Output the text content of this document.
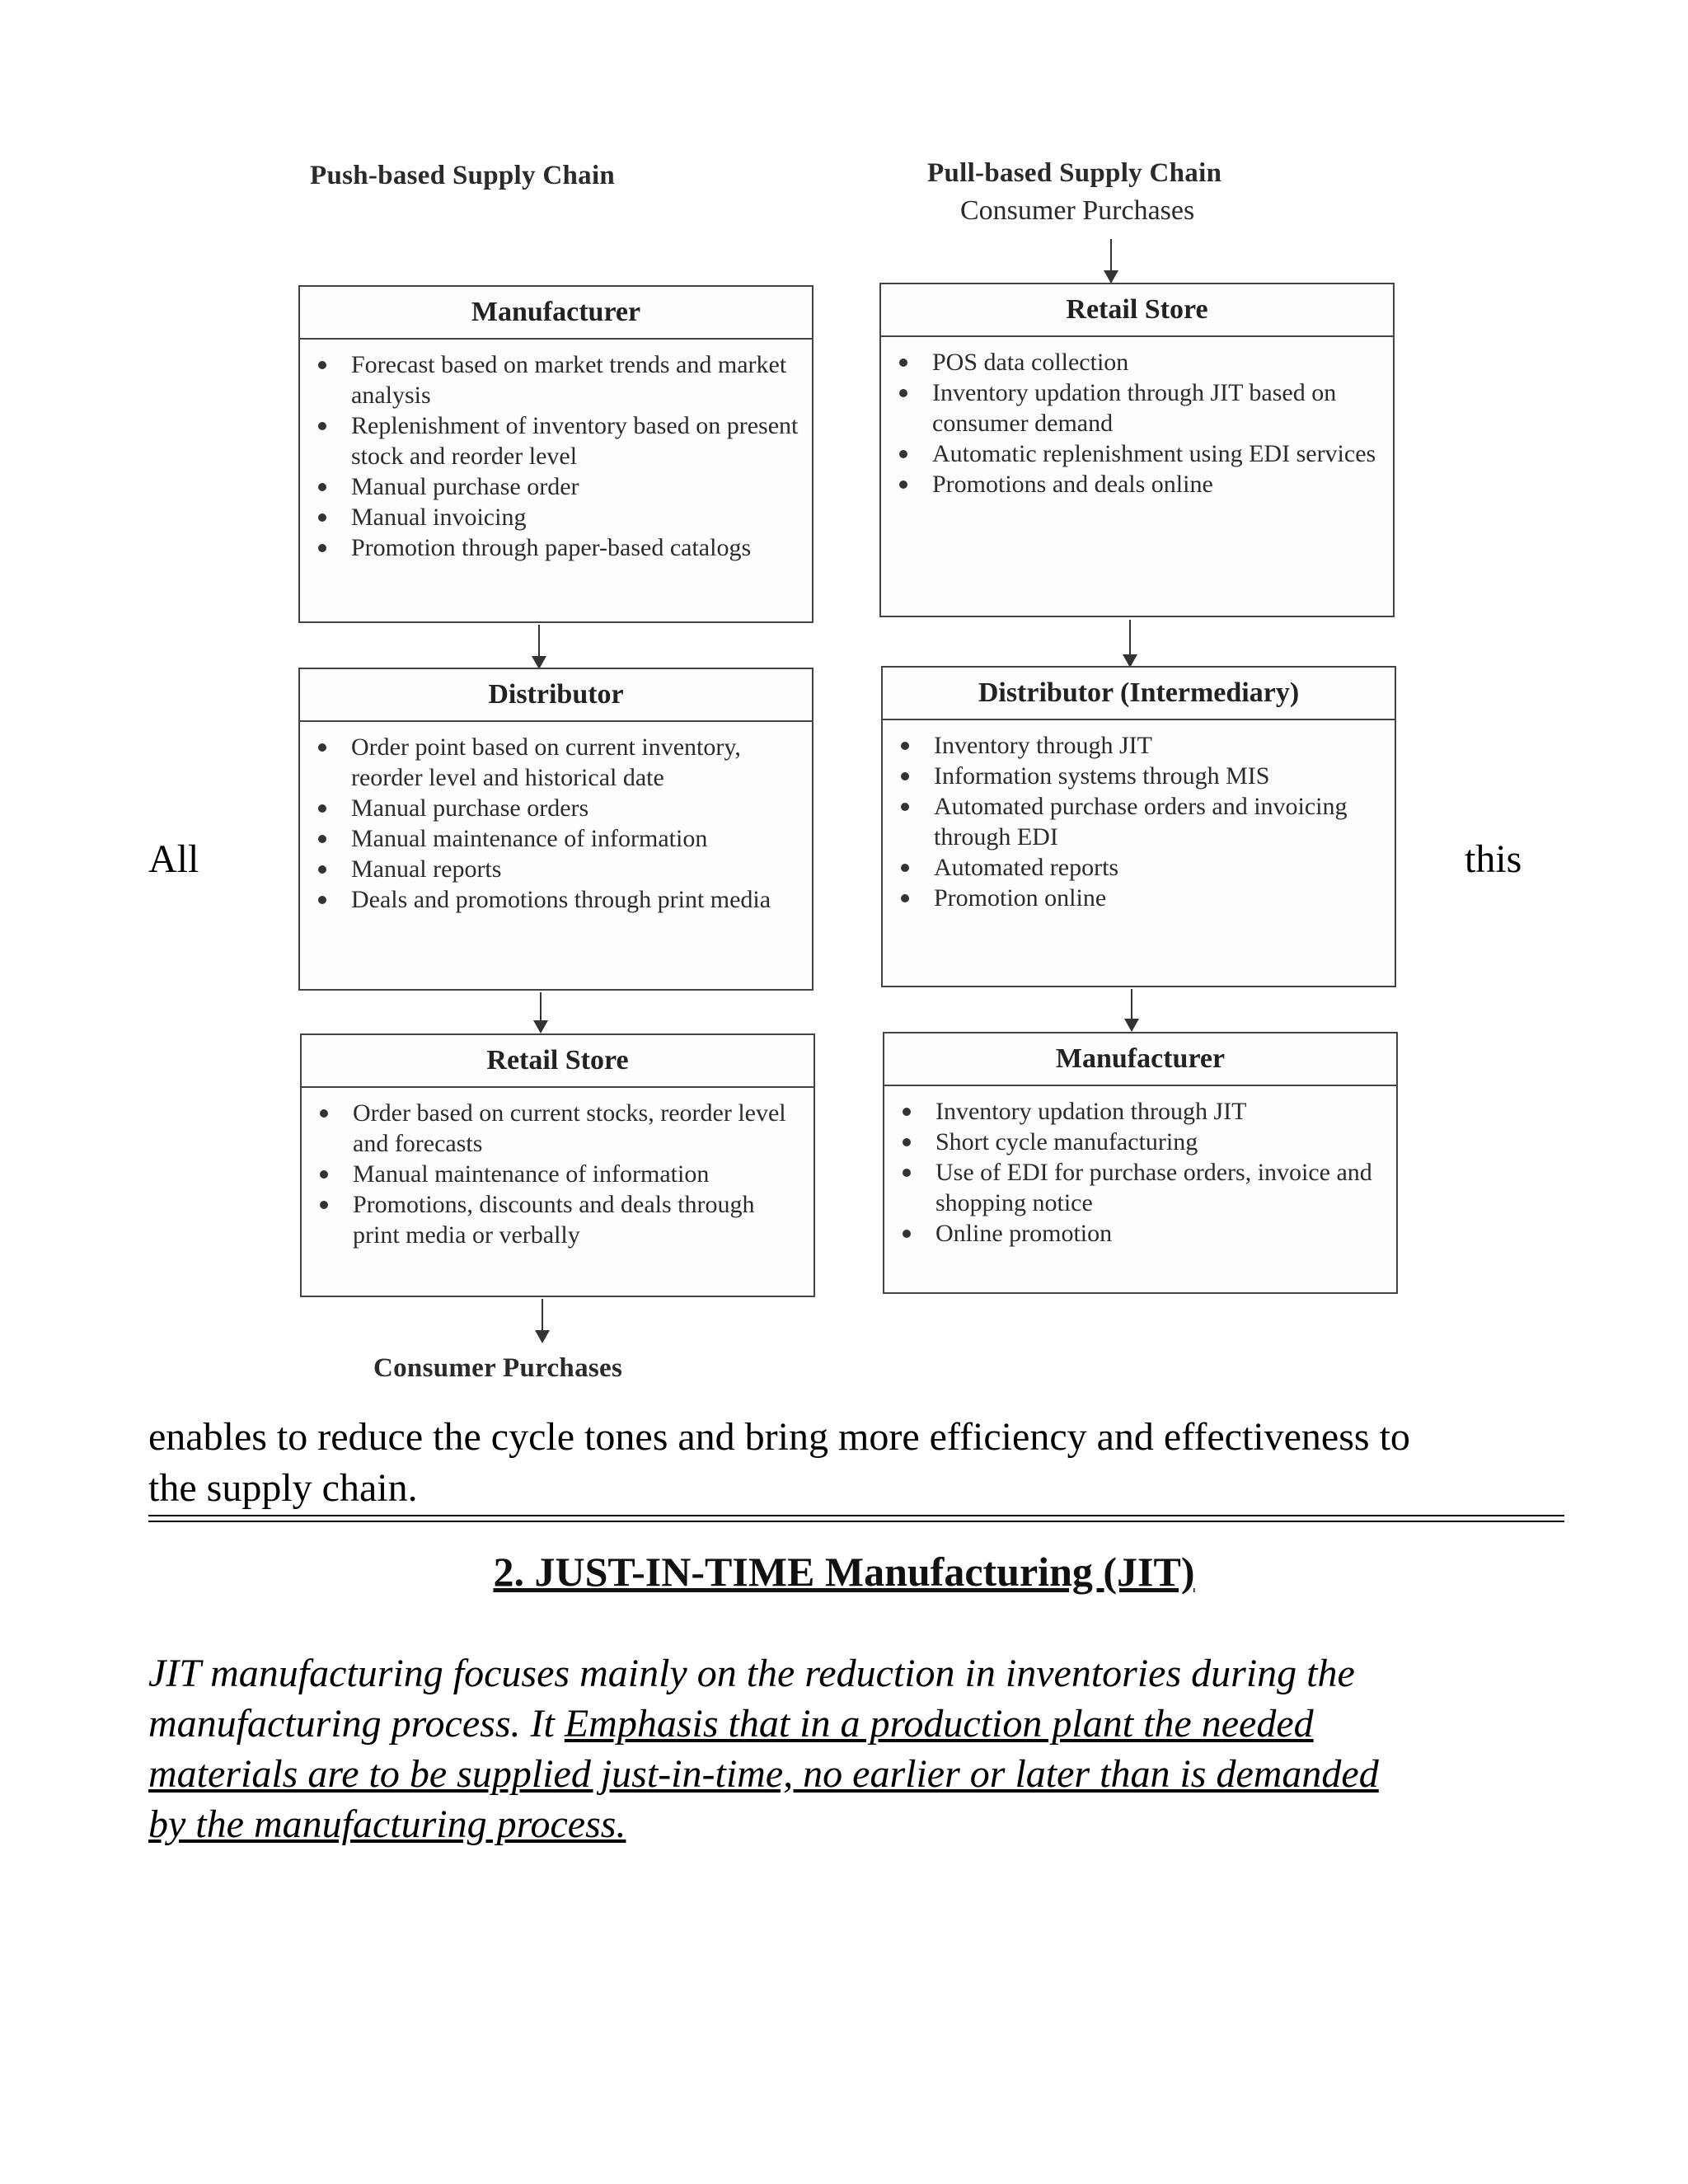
Push-based Supply Chain	Pull-based Supply Chain
Consumer Purchases
Manufacturer
Forecast based on market trends and market analysis
Replenishment of inventory based on present stock and reorder level
Manual purchase order
Manual invoicing
Promotion through paper-based catalogs
Distributor
Order point based on current inventory, reorder level and historical date
Manual purchase orders
Manual maintenance of information
Manual reports
Deals and promotions through print media
Retail Store
Order based on current stocks, reorder level and forecasts
Manual maintenance of information
Promotions, discounts and deals through print media or verbally
Consumer Purchases
Retail Store
POS data collection
Inventory updation through JIT based on consumer demand
Automatic replenishment using EDI services
Promotions and deals online
Distributor (Intermediary)
Inventory through JIT
Information systems through MIS
Automated purchase orders and invoicing through EDI
Automated reports
Promotion online
Manufacturer
Inventory updation through JIT
Short cycle manufacturing
Use of EDI for purchase orders, invoice and shopping notice
Online promotion
All	this
enables to reduce the cycle tones and bring more efficiency and effectiveness to
the supply chain.
2. JUST-IN-TIME Manufacturing (JIT)
JIT manufacturing focuses mainly on the reduction in inventories during the
manufacturing process. It Emphasis that in a production plant the needed
materials are to be supplied just-in-time, no earlier or later than is demanded
by the manufacturing process.
